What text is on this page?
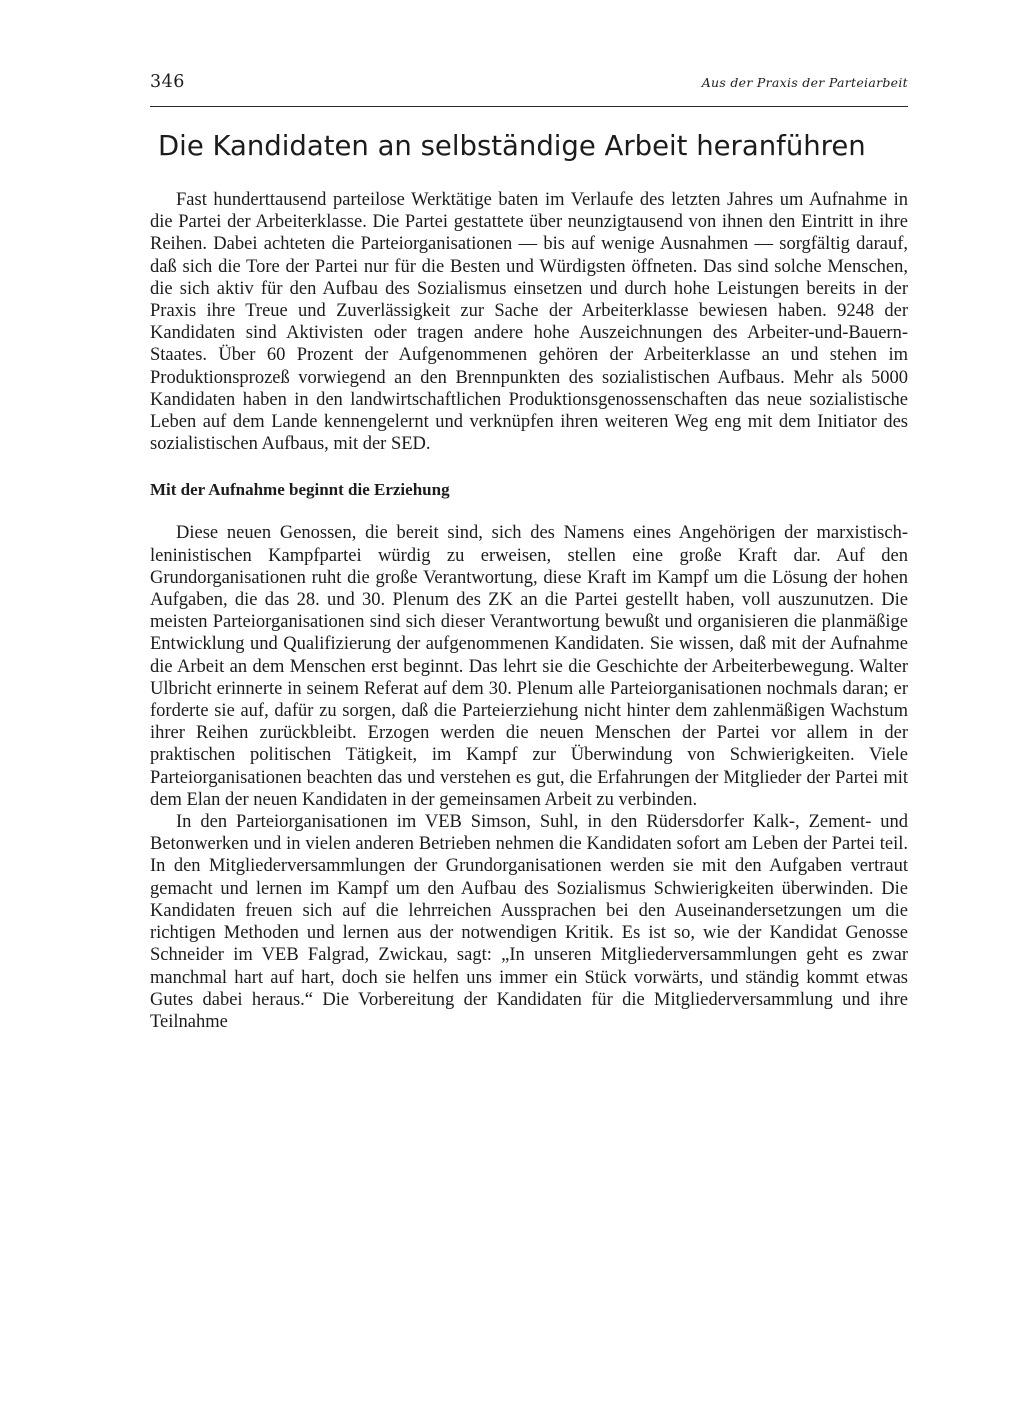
346	Aus der Praxis der Parteiarbeit
Die Kandidaten an selbständige Arbeit heranführen

Fast hunderttausend parteilose Werktätige baten im Verlaufe des letzten Jahres um Aufnahme in die Partei der Arbeiterklasse. Die Partei gestattete über neunzigtausend von ihnen den Eintritt in ihre Reihen. Dabei achteten die Parteiorganisationen — bis auf wenige Ausnahmen — sorgfältig darauf, daß sich die Tore der Partei nur für die Besten und Würdigsten öffneten. Das sind solche Menschen, die sich aktiv für den Aufbau des Sozialismus einsetzen und durch hohe Leistungen bereits in der Praxis ihre Treue und Zuverlässigkeit zur Sache der Arbeiterklasse bewiesen haben. 9248 der Kandidaten sind Aktivisten oder tragen andere hohe Auszeichnungen des Arbeiter-und-Bauern-Staates. Über 60 Prozent der Aufgenommenen gehören der Arbeiterklasse an und stehen im Produktionsprozeß vorwiegend an den Brennpunkten des sozialistischen Aufbaus. Mehr als 5000 Kandidaten haben in den landwirtschaftlichen Produktionsgenossenschaften das neue sozialistische Leben auf dem Lande kennengelernt und verknüpfen ihren weiteren Weg eng mit dem Initiator des sozialistischen Aufbaus, mit der SED.

Mit der Aufnahme beginnt die Erziehung

Diese neuen Genossen, die bereit sind, sich des Namens eines Angehörigen der marxistisch-leninistischen Kampfpartei würdig zu erweisen, stellen eine große Kraft dar. Auf den Grundorganisationen ruht die große Verantwortung, diese Kraft im Kampf um die Lösung der hohen Aufgaben, die das 28. und 30. Plenum des ZK an die Partei gestellt haben, voll auszunutzen. Die meisten Parteiorganisationen sind sich dieser Verantwortung bewußt und organisieren die planmäßige Entwicklung und Qualifizierung der aufgenommenen Kandidaten. Sie wissen, daß mit der Aufnahme die Arbeit an dem Menschen erst beginnt. Das lehrt sie die Geschichte der Arbeiterbewegung. Walter Ulbricht erinnerte in seinem Referat auf dem 30. Plenum alle Parteiorganisationen nochmals daran; er forderte sie auf, dafür zu sorgen, daß die Parteierziehung nicht hinter dem zahlenmäßigen Wachstum ihrer Reihen zurückbleibt. Erzogen werden die neuen Menschen der Partei vor allem in der praktischen politischen Tätigkeit, im Kampf zur Überwindung von Schwierigkeiten. Viele Parteiorganisationen beachten das und verstehen es gut, die Erfahrungen der Mitglieder der Partei mit dem Elan der neuen Kandidaten in der gemeinsamen Arbeit zu verbinden.

In den Parteiorganisationen im VEB Simson, Suhl, in den Rüdersdorfer Kalk-, Zement- und Betonwerken und in vielen anderen Betrieben nehmen die Kandidaten sofort am Leben der Partei teil. In den Mitgliederversammlungen der Grundorganisationen werden sie mit den Aufgaben vertraut gemacht und lernen im Kampf um den Aufbau des Sozialismus Schwierigkeiten überwinden. Die Kandidaten freuen sich auf die lehrreichen Aussprachen bei den Auseinandersetzungen um die richtigen Methoden und lernen aus der notwendigen Kritik. Es ist so, wie der Kandidat Genosse Schneider im VEB Falgrad, Zwickau, sagt: „In unseren Mitgliederversammlungen geht es zwar manchmal hart auf hart, doch sie helfen uns immer ein Stück vorwärts, und ständig kommt etwas Gutes dabei heraus.“ Die Vorbereitung der Kandidaten für die Mitgliederversammlung und ihre Teilnahme
